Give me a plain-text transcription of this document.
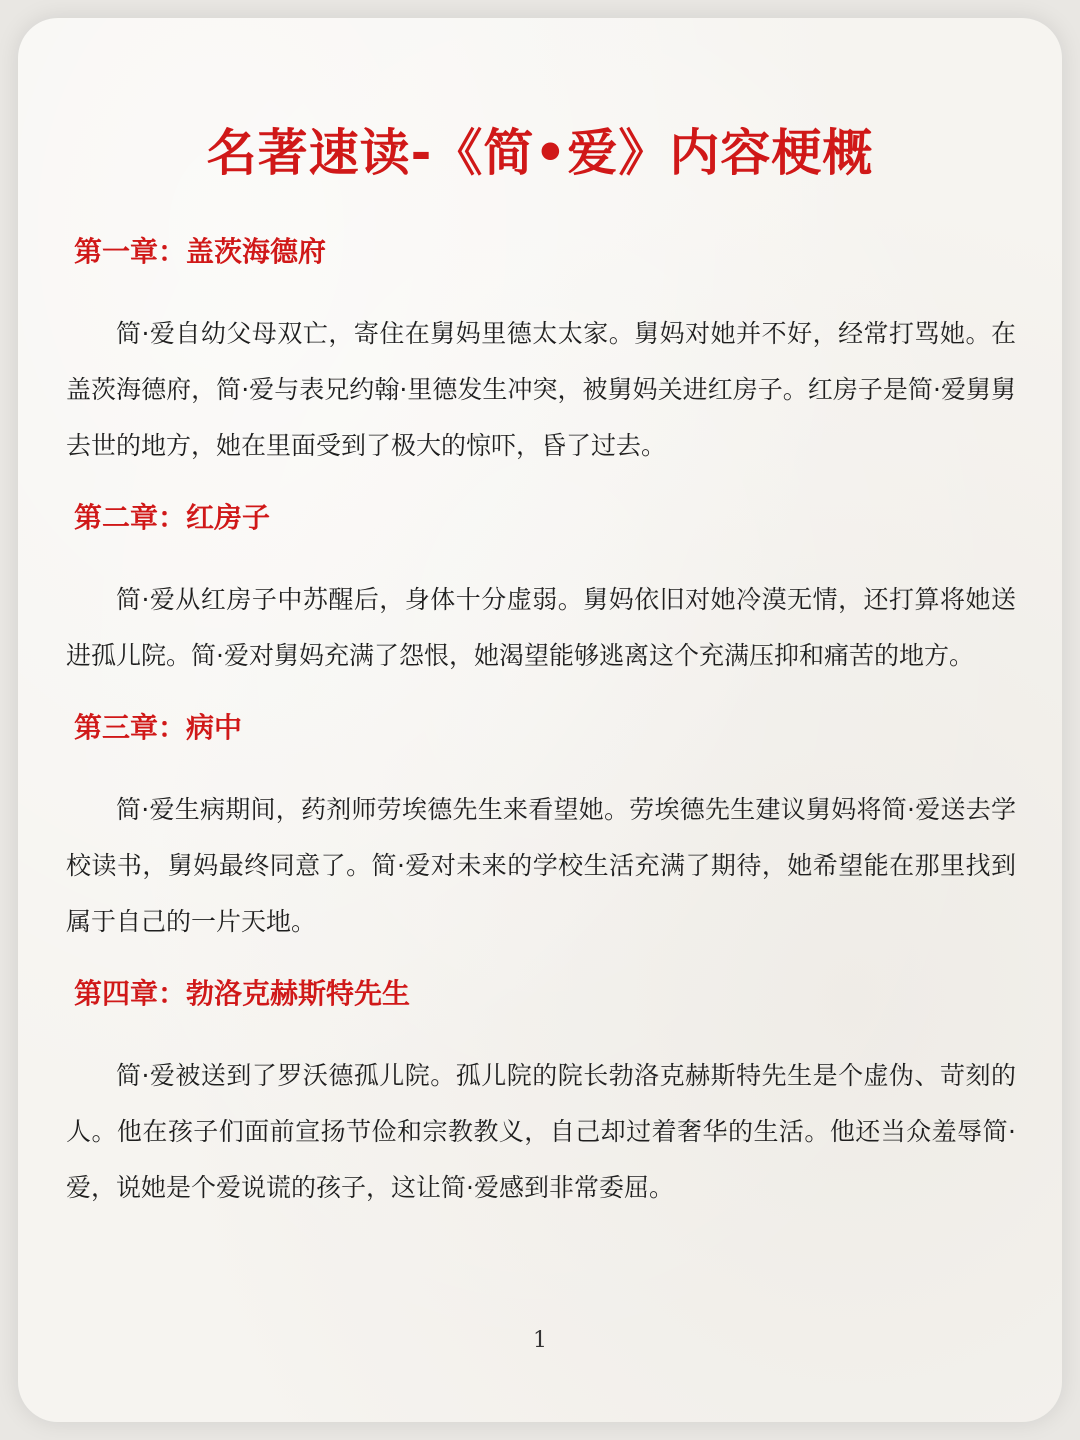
名著速读-《简•爱》内容梗概
第一章：盖茨海德府

简·爱自幼父母双亡，寄住在舅妈里德太太家。舅妈对她并不好，经常打骂她。在盖茨海德府，简·爱与表兄约翰·里德发生冲突，被舅妈关进红房子。红房子是简·爱舅舅去世的地方，她在里面受到了极大的惊吓，昏了过去。

第二章：红房子

简·爱从红房子中苏醒后，身体十分虚弱。舅妈依旧对她冷漠无情，还打算将她送进孤儿院。简·爱对舅妈充满了怨恨，她渴望能够逃离这个充满压抑和痛苦的地方。

第三章：病中

简·爱生病期间，药剂师劳埃德先生来看望她。劳埃德先生建议舅妈将简·爱送去学校读书，舅妈最终同意了。简·爱对未来的学校生活充满了期待，她希望能在那里找到属于自己的一片天地。

第四章：勃洛克赫斯特先生

简·爱被送到了罗沃德孤儿院。孤儿院的院长勃洛克赫斯特先生是个虚伪、苛刻的人。他在孩子们面前宣扬节俭和宗教教义，自己却过着奢华的生活。他还当众羞辱简·爱，说她是个爱说谎的孩子，这让简·爱感到非常委屈。

1
